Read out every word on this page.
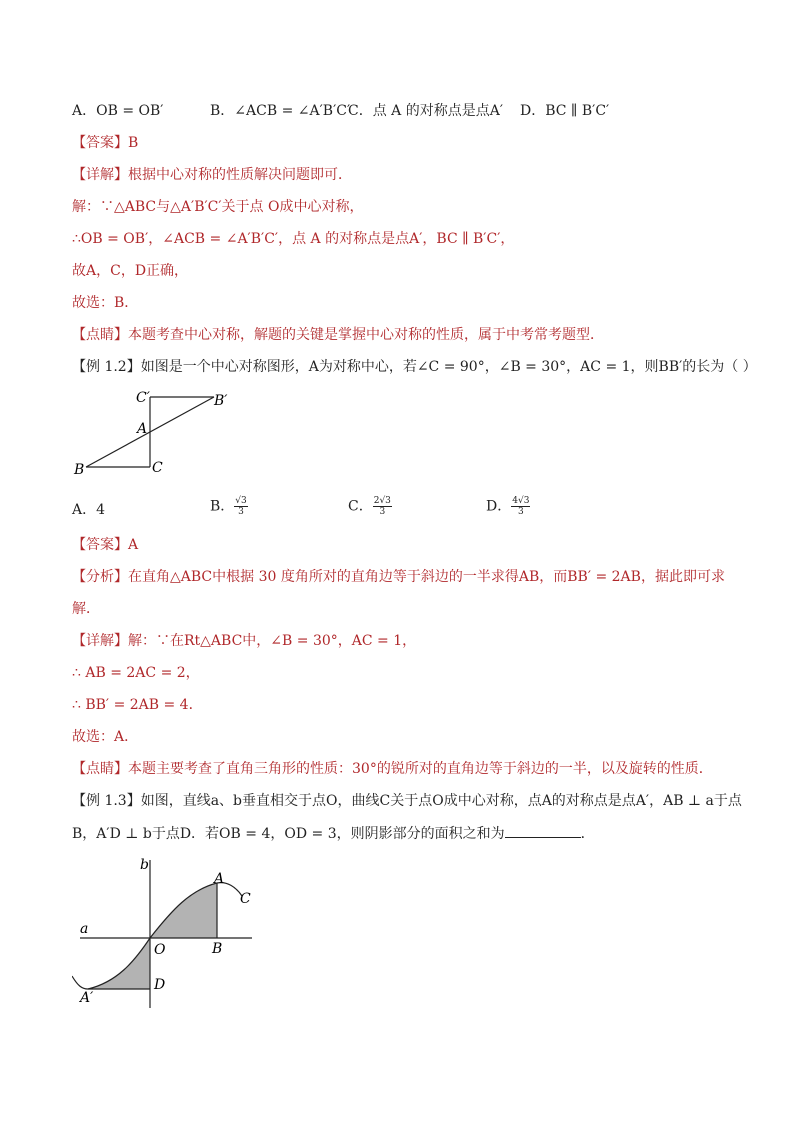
A．OB = OB′	B．∠ACB = ∠A′B′C′
C．点 A 的对称点是点A′ D．BC ∥ B′C′
【答案】B
【详解】根据中心对称的性质解决问题即可．
解：∵△ABC与△A′B′C′关于点 O成中心对称，
∴OB = OB′，∠ACB = ∠A′B′C′，点 A 的对称点是点A′，BC ∥ B′C′，
故A，C，D正确，
故选：B．
【点睛】本题考查中心对称，解题的关键是掌握中心对称的性质，属于中考常考题型．
【例 1.2】如图是一个中心对称图形，A为对称中心，若∠C = 90°，∠B = 30°，AC = 1，则BB′的长为（ ）
C′	B′
A
B	C
A．4	B． $\frac{√3}{3}$	C． $\frac{2√3}{3}$	D． $\frac{4√3}{3}$
【答案】A
【分析】在直角△ABC中根据 30 度角所对的直角边等于斜边的一半求得AB，而BB′ = 2AB，据此即可求
解．
【详解】解：∵在Rt△ABC中，∠B = 30°，AC = 1，
∴ AB = 2AC = 2，
∴ BB′ = 2AB = 4．
故选：A．
【点睛】本题主要考查了直角三角形的性质：30°的锐所对的直角边等于斜边的一半，以及旋转的性质．
【例 1.3】如图，直线a、b垂直相交于点O，曲线C关于点O成中心对称，点A的对称点是点A′，AB ⊥ a于点
B，A′D ⊥ b于点D．若OB = 4，OD = 3，则阴影部分的面积之和为	．
b
a
A
C
O	B
D
A′
